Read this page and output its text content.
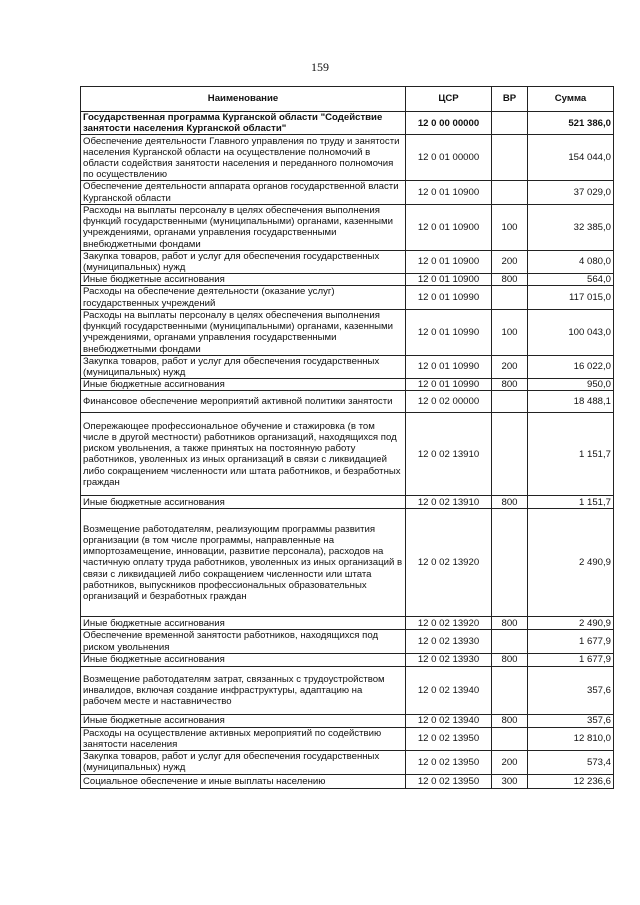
159
Наименование	ЦСР	ВР	Сумма
Государственная программа Курганской области "Содействие занятости населения Курганской области"	12 0 00 00000		521 386,0
Обеспечение деятельности Главного управления по труду и занятости населения Курганской области на осуществление полномочий в области содействия занятости населения и переданного полномочия по осуществлению	12 0 01 00000		154 044,0
Обеспечение деятельности аппарата органов государственной власти Курганской области	12 0 01 10900		37 029,0
Расходы на выплаты персоналу в целях обеспечения выполнения функций государственными (муниципальными) органами, казенными учреждениями, органами управления государственными внебюджетными фондами	12 0 01 10900	100	32 385,0
Закупка товаров, работ и услуг для обеспечения государственных (муниципальных) нужд	12 0 01 10900	200	4 080,0
Иные бюджетные ассигнования	12 0 01 10900	800	564,0
Расходы на обеспечение деятельности (оказание услуг) государственных учреждений	12 0 01 10990		117 015,0
Расходы на выплаты персоналу в целях обеспечения выполнения функций государственными (муниципальными) органами, казенными учреждениями, органами управления государственными внебюджетными фондами	12 0 01 10990	100	100 043,0
Закупка товаров, работ и услуг для обеспечения государственных (муниципальных) нужд	12 0 01 10990	200	16 022,0
Иные бюджетные ассигнования	12 0 01 10990	800	950,0
Финансовое обеспечение мероприятий активной политики занятости	12 0 02 00000		18 488,1
Опережающее профессиональное обучение и стажировка (в том числе в другой местности) работников организаций, находящихся под риском увольнения, а также принятых на постоянную работу работников, уволенных из иных организаций в связи с ликвидацией либо сокращением численности или штата работников, и безработных граждан	12 0 02 13910		1 151,7
Иные бюджетные ассигнования	12 0 02 13910	800	1 151,7
Возмещение работодателям, реализующим программы развития организации (в том числе программы, направленные на импортозамещение, инновации, развитие персонала), расходов на частичную оплату труда работников, уволенных из иных организаций в связи с ликвидацией либо сокращением численности или штата работников, выпускников профессиональных образовательных организаций и безработных граждан	12 0 02 13920		2 490,9
Иные бюджетные ассигнования	12 0 02 13920	800	2 490,9
Обеспечение временной занятости работников, находящихся под риском увольнения	12 0 02 13930		1 677,9
Иные бюджетные ассигнования	12 0 02 13930	800	1 677,9
Возмещение работодателям затрат, связанных с трудоустройством инвалидов, включая создание инфраструктуры, адаптацию на рабочем месте и наставничество	12 0 02 13940		357,6
Иные бюджетные ассигнования	12 0 02 13940	800	357,6
Расходы на осуществление активных мероприятий по содействию занятости населения	12 0 02 13950		12 810,0
Закупка товаров, работ и услуг для обеспечения государственных (муниципальных) нужд	12 0 02 13950	200	573,4
Социальное обеспечение и иные выплаты населению	12 0 02 13950	300	12 236,6
